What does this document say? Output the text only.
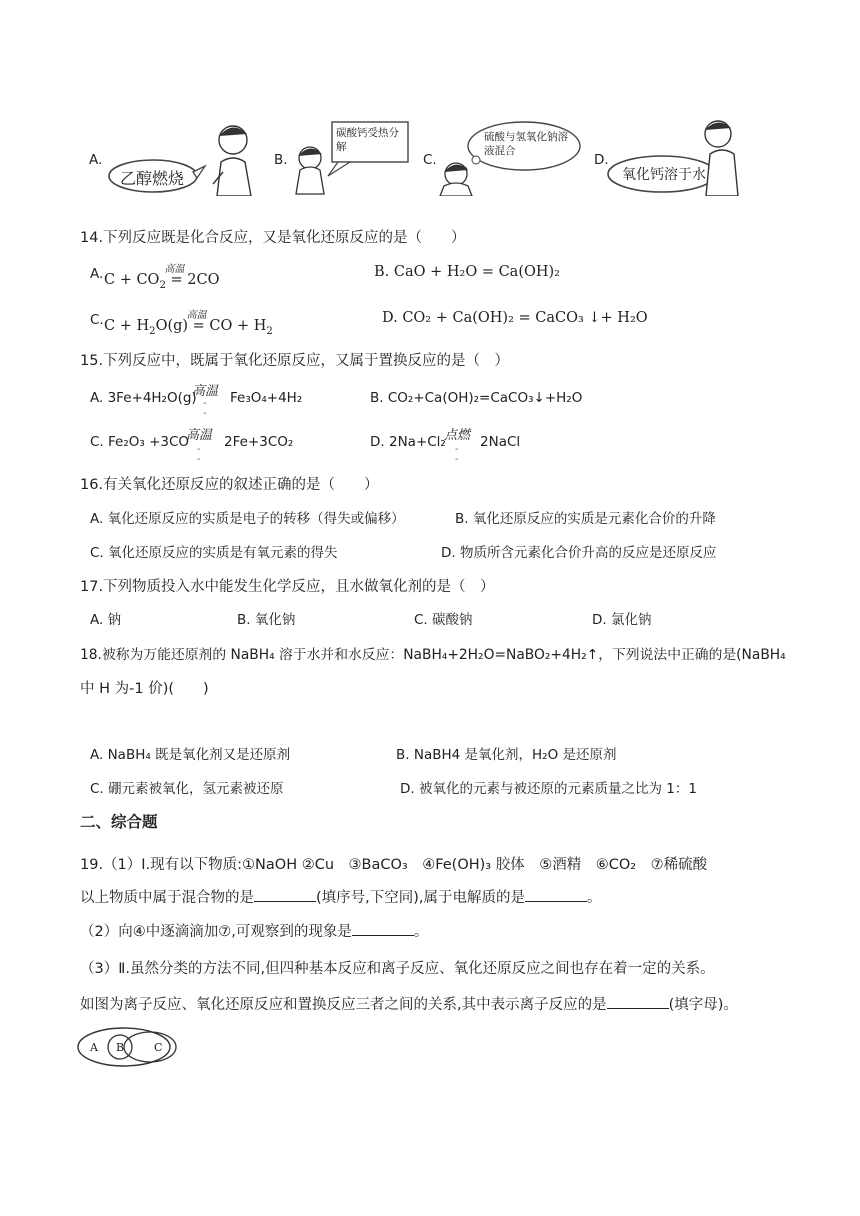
A.
乙醇燃烧
B.
碳酸钙受热分解
C.
硫酸与氢氧化钠溶液混合
D.
氧化钙溶于水
14.下列反应既是化合反应，又是氧化还原反应的是（　　）
A. $C + CO_2$ =
高温
2CO	B. CaO + H₂O = Ca(OH)₂
C. $C + H_2O(g)$ =
高温
CO + $H_2$
D. CO₂ + Ca(OH)₂ = CaCO₃ ↓+ H₂O
15.下列反应中，既属于氧化还原反应，又属于置换反应的是（　）
A. 3Fe+4H₂O(g)
高温
-
-
Fe₃O₄+4H₂	B. CO₂+Ca(OH)₂=CaCO₃↓+H₂O
C. Fe₂O₃ +3CO
高温
-
-
2Fe+3CO₂	D. 2Na+Cl₂
点燃
-
-
2NaCl
16.有关氧化还原反应的叙述正确的是（　　）
A. 氧化还原反应的实质是电子的转移（得失或偏移）	B. 氧化还原反应的实质是元素化合价的升降
C. 氧化还原反应的实质是有氧元素的得失	D. 物质所含元素化合价升高的反应是还原反应
17.下列物质投入水中能发生化学反应，且水做氧化剂的是（　）
A. 钠	B. 氧化钠	C. 碳酸钠	D. 氯化钠
18.被称为万能还原剂的 NaBH₄ 溶于水并和水反应：NaBH₄+2H₂O=NaBO₂+4H₂↑，下列说法中正确的是(NaBH₄
中 H 为-1 价)(　　)
A. NaBH₄ 既是氧化剂又是还原剂	B. NaBH4 是氧化剂，H₂O 是还原剂
C. 硼元素被氧化，氢元素被还原	D. 被氧化的元素与被还原的元素质量之比为 1：1
二、综合题
19.（1）Ⅰ.现有以下物质:①NaOH ②Cu　③BaCO₃　④Fe(OH)₃ 胶体　⑤酒精　⑥CO₂　⑦稀硫酸
以上物质中属于混合物的是	(填序号,下空同),属于电解质的是	。
（2）向④中逐滴滴加⑦,可观察到的现象是	。
（3）Ⅱ.虽然分类的方法不同,但四种基本反应和离子反应、氧化还原反应之间也存在着一定的关系。
如图为离子反应、氧化还原反应和置换反应三者之间的关系,其中表示离子反应的是	(填字母)。
A B	C
